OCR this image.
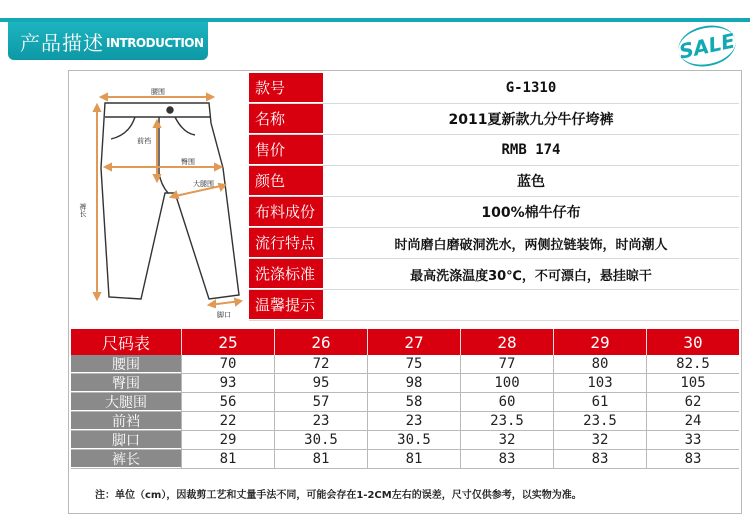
产品描述 INTRODUCTION	SALE
腰围
前裆
臀围
大腿围
裤长
脚口
款号	G-1310
名称	2011夏新款九分牛仔垮裤
售价	RMB 174
颜色	蓝色
布料成份	100%棉牛仔布
流行特点	时尚磨白磨破洞洗水，两侧拉链装饰，时尚潮人
洗涤标准	最高洗涤温度30℃，不可漂白，悬挂晾干
温馨提示
尺码表	25	26	27	28	29	30
腰围	70	72	75	77	80	82.5
臀围	93	95	98	100	103	105
大腿围	56	57	58	60	61	62
前裆	22	23	23	23.5	23.5	24
脚口	29	30.5	30.5	32	32	33
裤长	81	81	81	83	83	83
注：单位（cm），因裁剪工艺和丈量手法不同，可能会存在1-2CM左右的误差，尺寸仅供参考，以实物为准。
